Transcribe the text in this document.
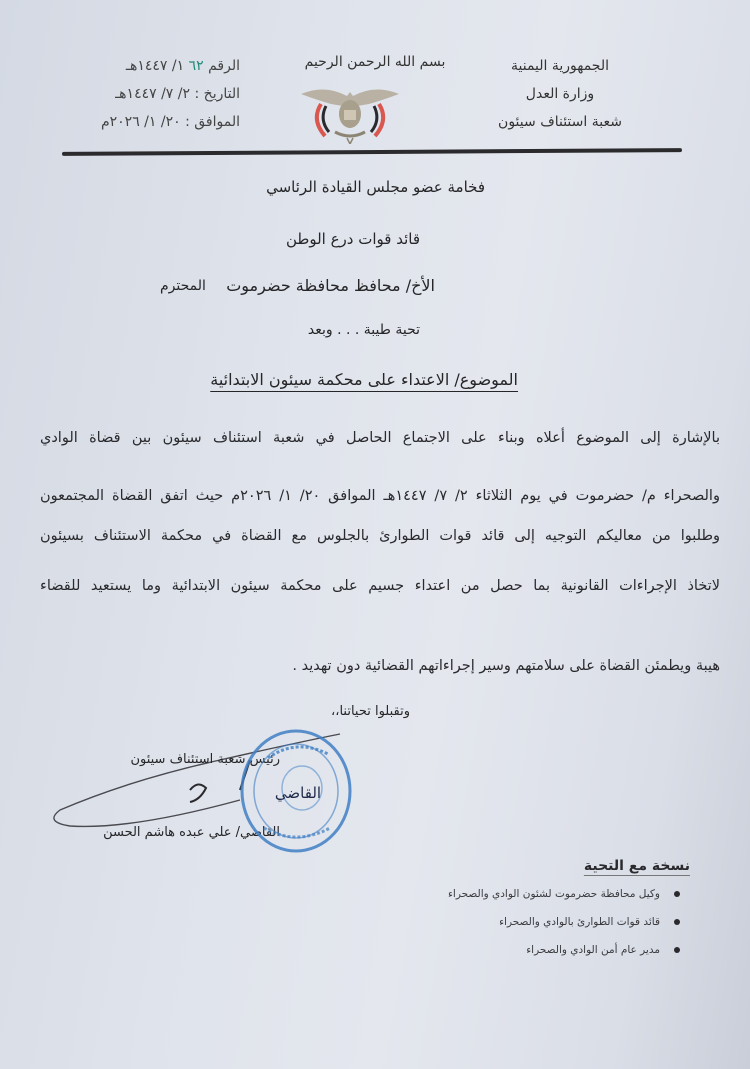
الجمهورية اليمنية
وزارة العدل
شعبة استئناف سيئون
بسم الله الرحمن الرحيم
الرقم ٦٢ ١/ ١٤٤٧هـ
التاريخ : ٢/ ٧/ ١٤٤٧هـ
الموافق : ٢٠/ ١/ ٢٠٢٦م
فخامة عضو مجلس القيادة الرئاسي
قائد قوات درع الوطن
الأخ/ محافظ محافظة حضرموت
المحترم
تحية طيبة . . . وبعد
الموضوع/ الاعتداء على محكمة سيئون الابتدائية
بالإشارة إلى الموضوع أعلاه وبناء على الاجتماع الحاصل في شعبة استئناف سيئون بين قضاة الوادي
والصحراء م/ حضرموت في يوم الثلاثاء ٢/ ٧/ ١٤٤٧هـ الموافق ٢٠/ ١/ ٢٠٢٦م حيث اتفق القضاة المجتمعون
وطلبوا من معاليكم التوجيه إلى قائد قوات الطوارئ بالجلوس مع القضاة في محكمة الاستئناف بسيئون
لاتخاذ الإجراءات القانونية بما حصل من اعتداء جسيم على محكمة سيئون الابتدائية وما يستعيد للقضاء
هيبة ويطمئن القضاة على سلامتهم وسير إجراءاتهم القضائية دون تهديد .
وتقبلوا تحياتنا،،
رئيس شعبة استئناف سيئون
القاضي/ علي عبده هاشم الحسن
القاضي
نسخة مع التحية
وكيل محافظة حضرموت لشئون الوادي والصحراء
قائد قوات الطوارئ بالوادي والصحراء
مدير عام أمن الوادي والصحراء
